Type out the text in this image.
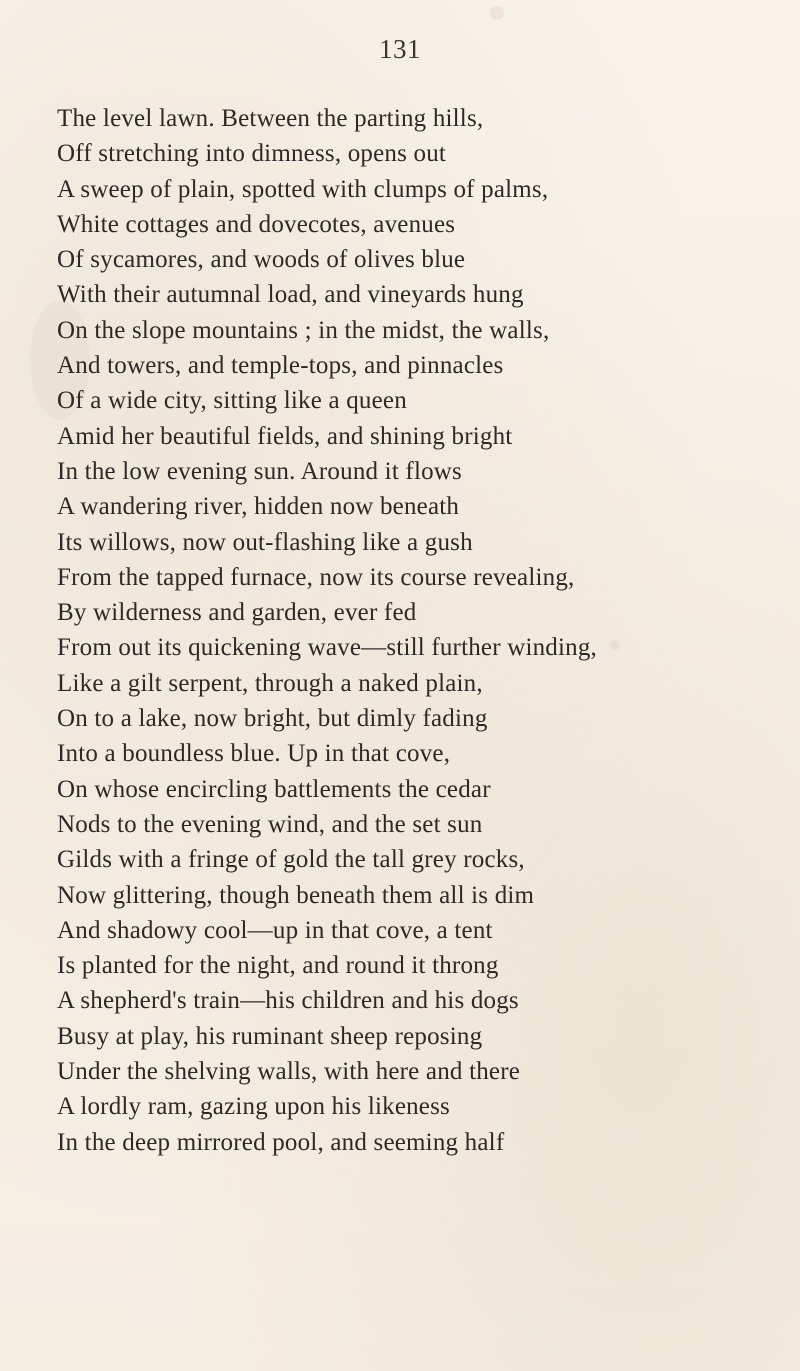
131
The level lawn. Between the parting hills,
Off stretching into dimness, opens out
A sweep of plain, spotted with clumps of palms,
White cottages and dovecotes, avenues
Of sycamores, and woods of olives blue
With their autumnal load, and vineyards hung
On the slope mountains ; in the midst, the walls,
And towers, and temple-tops, and pinnacles
Of a wide city, sitting like a queen
Amid her beautiful fields, and shining bright
In the low evening sun. Around it flows
A wandering river, hidden now beneath
Its willows, now out-flashing like a gush
From the tapped furnace, now its course revealing,
By wilderness and garden, ever fed
From out its quickening wave—still further winding,
Like a gilt serpent, through a naked plain,
On to a lake, now bright, but dimly fading
Into a boundless blue. Up in that cove,
On whose encircling battlements the cedar
Nods to the evening wind, and the set sun
Gilds with a fringe of gold the tall grey rocks,
Now glittering, though beneath them all is dim
And shadowy cool—up in that cove, a tent
Is planted for the night, and round it throng
A shepherd's train—his children and his dogs
Busy at play, his ruminant sheep reposing
Under the shelving walls, with here and there
A lordly ram, gazing upon his likeness
In the deep mirrored pool, and seeming half
